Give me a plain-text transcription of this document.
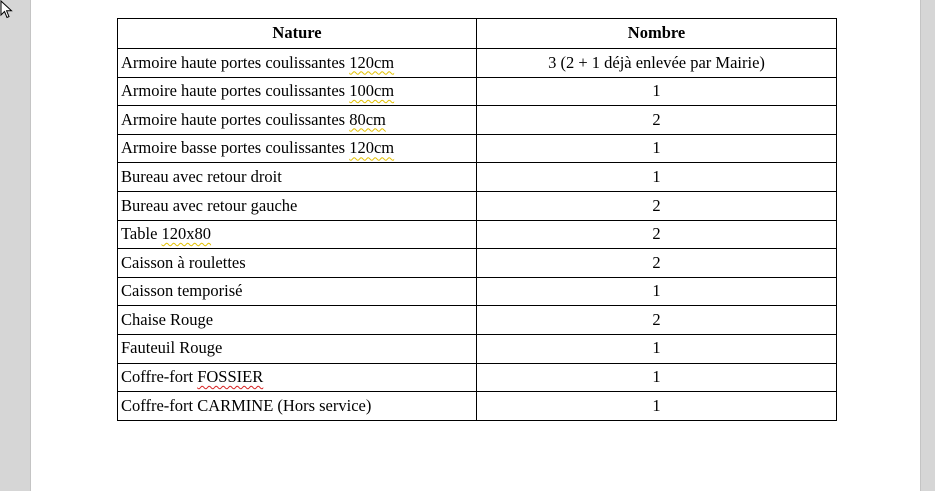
Nature	Nombre
Armoire haute portes coulissantes 120cm	3 (2 + 1 déjà enlevée par Mairie)
Armoire haute portes coulissantes 100cm	1
Armoire haute portes coulissantes 80cm	2
Armoire basse portes coulissantes 120cm	1
Bureau avec retour droit	1
Bureau avec retour gauche	2
Table 120x80	2
Caisson à roulettes	2
Caisson temporisé	1
Chaise Rouge	2
Fauteuil Rouge	1
Coffre-fort FOSSIER	1
Coffre-fort CARMINE (Hors service)	1
